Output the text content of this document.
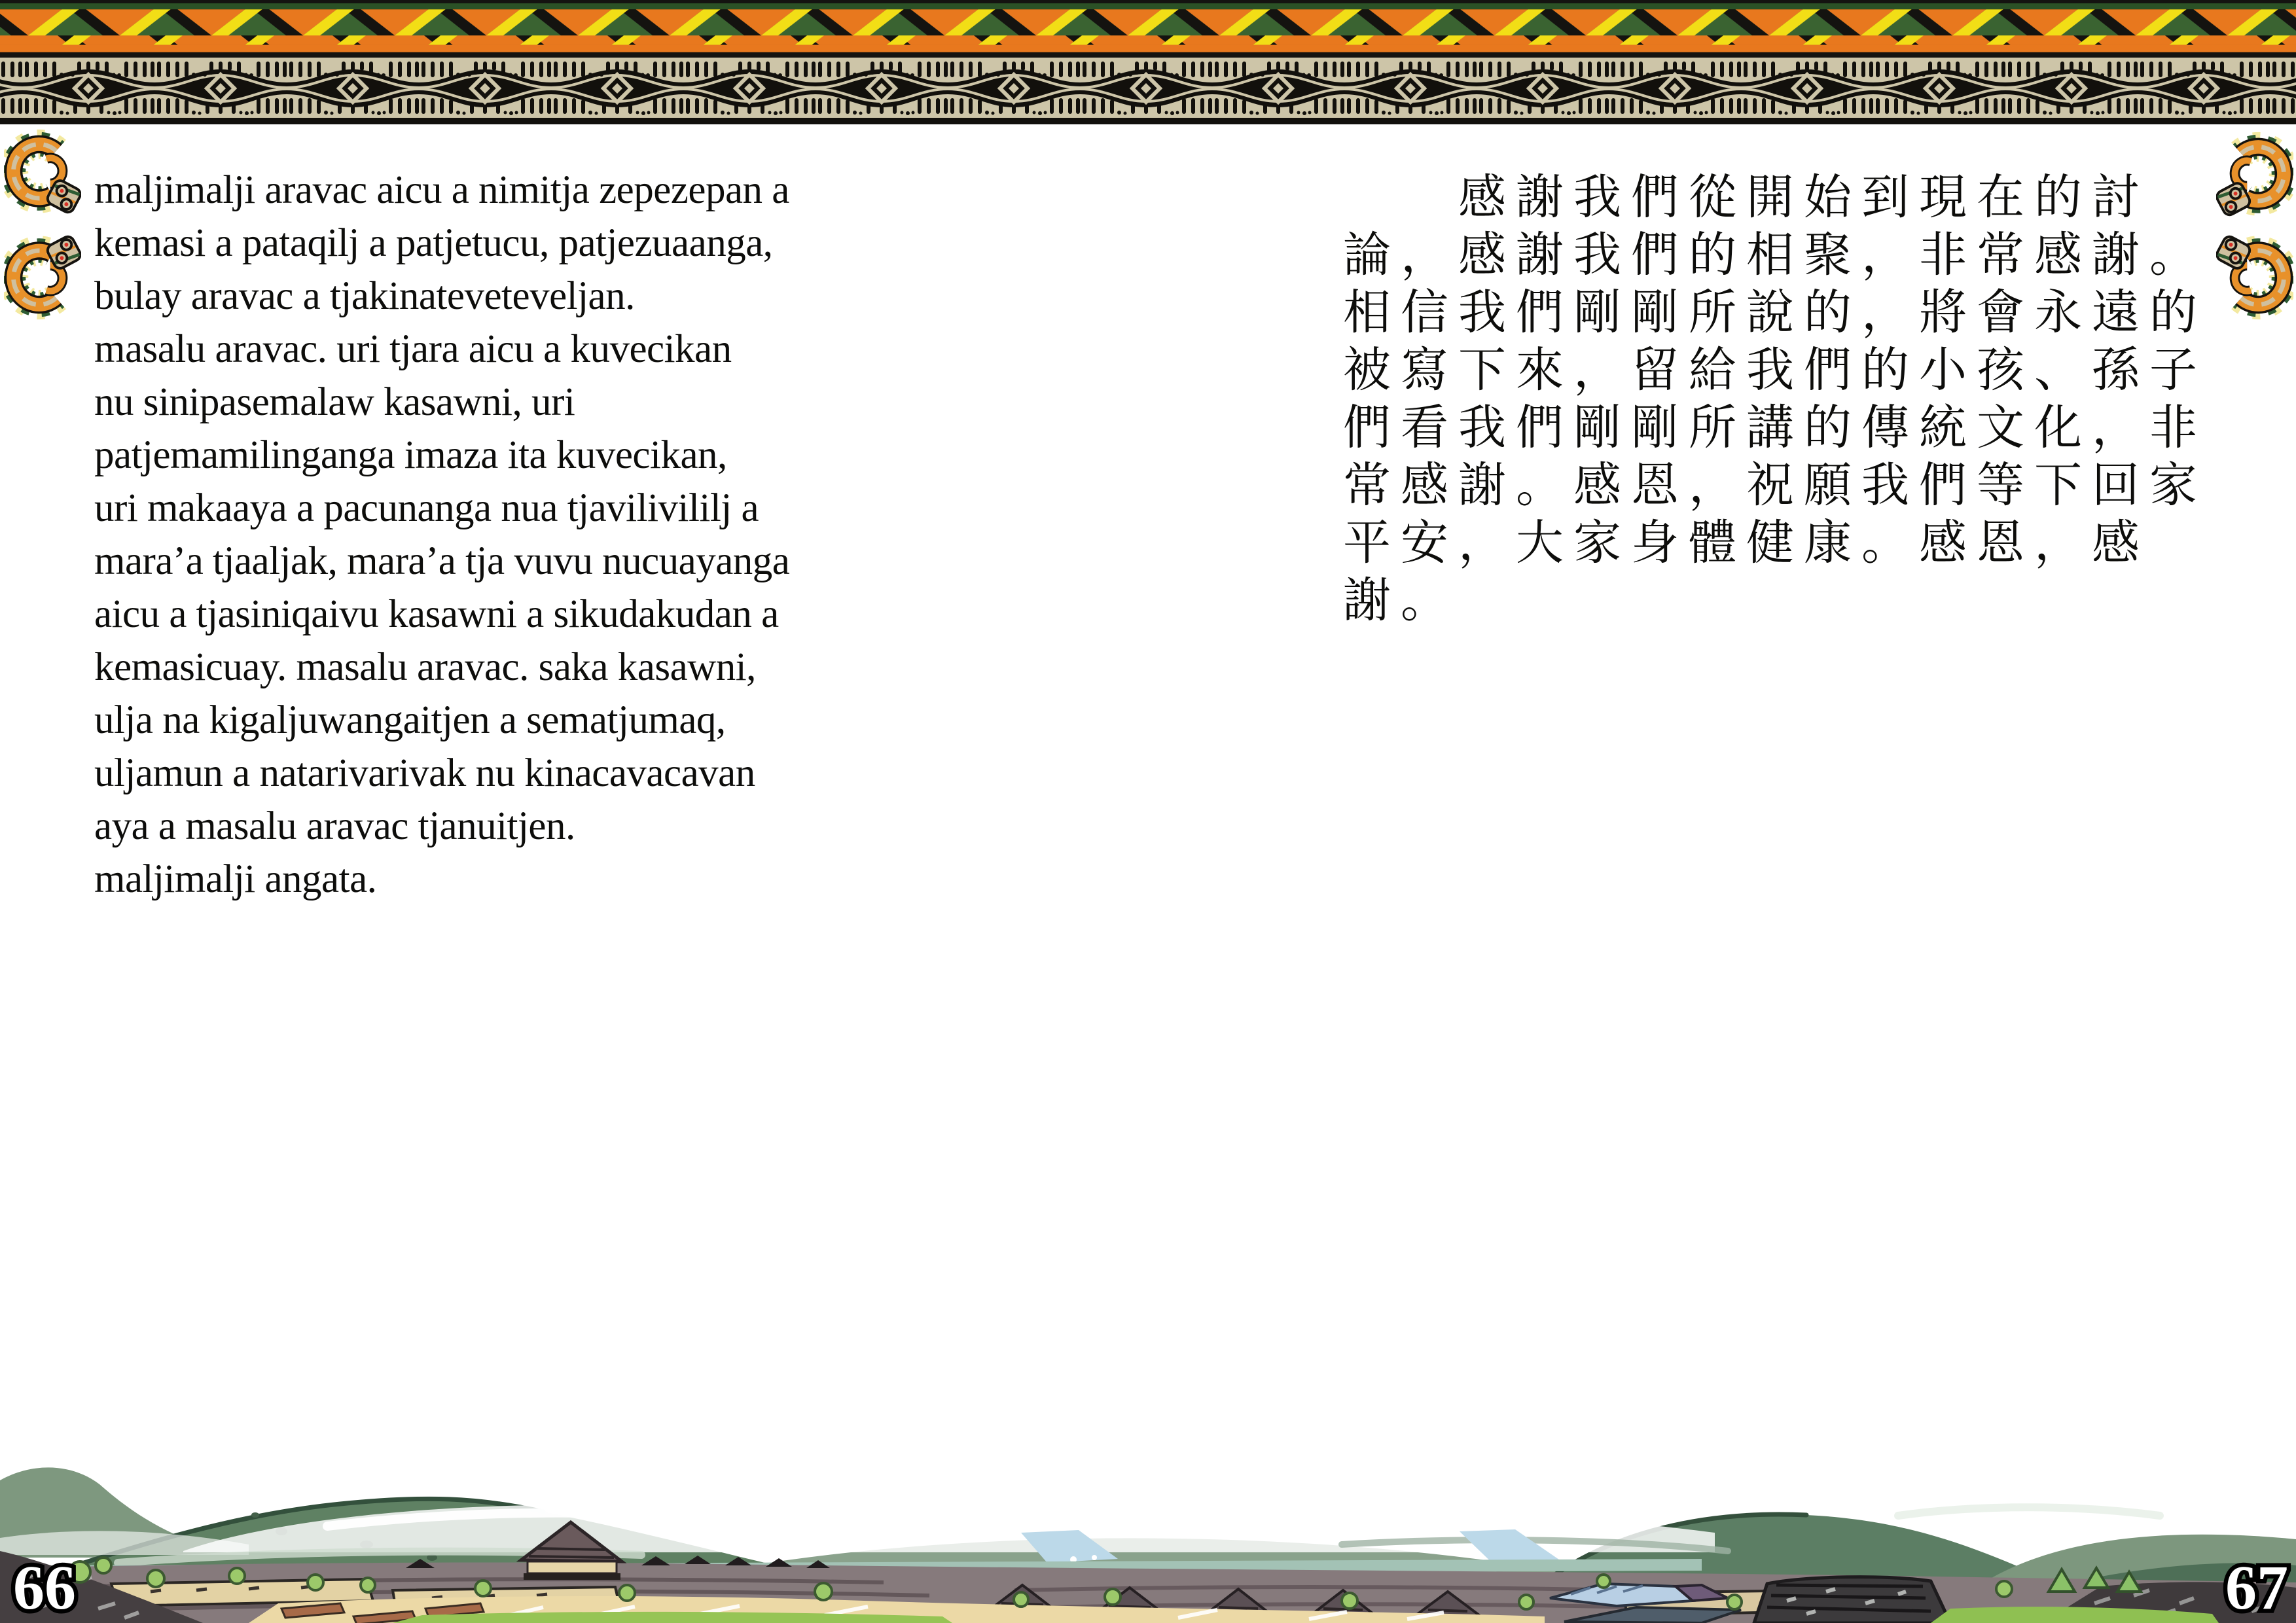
maljimalji aravac aicu a nimitja zepezepan a
kemasi a pataqilj a patjetucu, patjezuaanga,
bulay aravac a tjakinateveteveljan.
masalu aravac. uri tjara aicu a kuvecikan
nu sinipasemalaw kasawni, uri
patjemamilinganga imaza ita kuvecikan,
uri makaaya a pacunanga nua tjavilivililj a
mara’a tjaaljak, mara’a tja vuvu nucuayanga
aicu a tjasiniqaivu kasawni a sikudakudan a
kemasicuay. masalu aravac. saka kasawni,
ulja na kigaljuwangaitjen a sematjumaq,
uljamun a natarivarivak nu kinacavacavan
aya a masalu aravac tjanuitjen.
maljimalji angata.
感謝我們從開始到現在的討
論，感謝我們的相聚，非常感謝。
相信我們剛剛所說的，將會永遠的
被寫下來，留給我們的小孩、孫子
們看我們剛剛所講的傳統文化，非
常感謝。感恩，祝願我們等下回家
平安，大家身體健康。感恩，感
謝。
66	67
